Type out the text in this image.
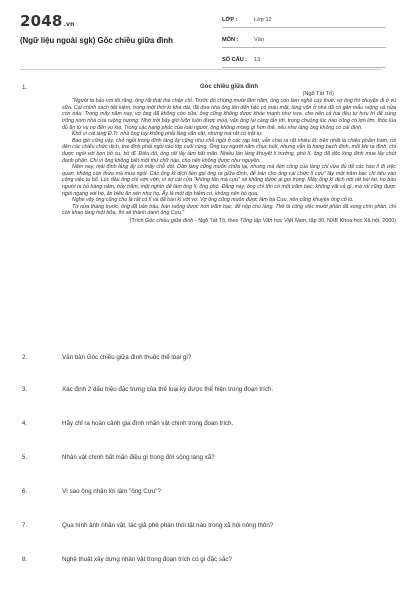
2048.vn
(Ngữ liệu ngoài sgk) Gốc chiều giữa đình
LỚP :	Lớp 12
MÔN :	Văn
SỐ CÂU :	13
1.	Góc chiều giữa đình
(Ngô Tất Tố)

"Người ta bảo với tôi rằng: ông rất thật thà chân chỉ. Trước đó chừng mười lăm năm, ông còn làm nghề cày thuê, vợ ông thì chuyên đi ở vú sữa. Cái chính sách tiết kiệm, trong một thời kì khá dài, đã đưa nhà ông lên đến bậc có máu mặt, lúng vốn ở nhà đã có gần mẫu ruộng và nửa con trâu. Trong mấy năm nay, vợ ông đã không còn sữa, ông cũng không được khỏe mạnh như xưa, cho nên cả hai đều tự hưu trí để cùng trông nom nhà cửa ruộng nương. Nhờ trời bấy giờ luôn luôn được mùa, vận ông lại càng tấn tới, trong chuồng lúc nào cũng có lợn lớn, thóc lúa đủ ăn từ vụ nọ đến vụ kia. Trong các hạng phúc của loài người, ông không mong gì hơn thế, nếu như làng ông không có cái đình.

Khổ vì cái làng Đ.Tr. nhà ông tuy không phải làng văn vật, nhưng mà rất có trật tự.

Bao giờ cũng vậy, chỗ ngồi trong đình làng ấy cũng như chỗ ngồi ở các rạp hát, vẫn chia ra rất nhiều lô: trên nhất là chiếu phẩm hàm, rồi đến các chiếu chức dịch, trai đinh phải ngồi vào lớp cuối cùng. Ông tuy người nâm chục tuổi, nhưng vẫn là hạng bạch đinh, mỗi khi ra đình, chỉ được ngồi với bọn bồ cu, bồ đĩ. Điều đó, ông rất lấy làm bất mãn. Nhiều lần làng khuyết lí trưởng, phó lí, ông đã dốc lòng định mua lấy chút danh phận. Chỉ vì ông không biết một thứ chữ nào, cho nên không được như nguyện.

Năm nay, mái đình làng ấy có mấy chỗ dột. Dân làng cũng muốn chữa lại, nhưng mà tiền công của làng chỉ vừa đủ để các hào lí đi việc quan, không còn thừa mà mua ngói. Các ông kì dịch liền gọi ông ra giữa đình, để bán cho ông cái chức lí cựu" lấy một trăm bạc chi tiêu vào công việc tu bổ. Lúc đầu ông chỉ vờn vờn, vì sợ cái cửa "không tấn mà cựu" sẽ không được ai gọi trọng. Mấy ông kì dịch nói rất bùi tai, họ bảo người ta bỏ hàng năm, bảy trăm, một nghìn để làm ông lí, ông phó. Đằng này, ông chỉ tốn có một trăm bạc, không vất vả gì, mà rồi cũng được ngồi ngang với họ, ăn biếu ăn xén như họ. Ấy là một dịp hiếm có, không nên bỏ qua.

Nghe vậy ông cũng cho là rất có lí và đã bán kì với vợ. Vợ ông cũng muốn được làm bà Cựu, nên cũng khuyên ông cố lo.

Từ nửa tháng trước, ông đã bán trâu, bán ruộng được hơn trăm bạc, để nộp cho làng. Thế là công việc mười phần đã xong chín phần, chỉ còn khao làng một bữa, thì sẽ thành danh ông Cựu."

(Trích Góc chiều giữa đình - Ngô Tất Tố, theo Tổng tập Văn học Việt Nam, tập 30, NXB Khoa học Xã hội, 2000)
2.	Văn bản Góc chiều giữa đình thuộc thể loại gì?
3.	Xác định 2 dấu hiệu đặc trưng của thể loại ký được thể hiện trong đoạn trích.
4.	Hãy chỉ ra hoàn cảnh gia đình nhân vật chính trong đoạn trích.
5.	Nhân vật chính bất mãn điều gì trong đời sống làng xã?
6.	Vì sao ông nhận lời làm "ông Cựu"?
7.	Qua hình ảnh nhân vật, tác giả phê phán thói tật nào trong xã hội nông thôn?
8.	Nghệ thuật xây dựng nhân vật trong đoạn trích có gì đặc sắc?
